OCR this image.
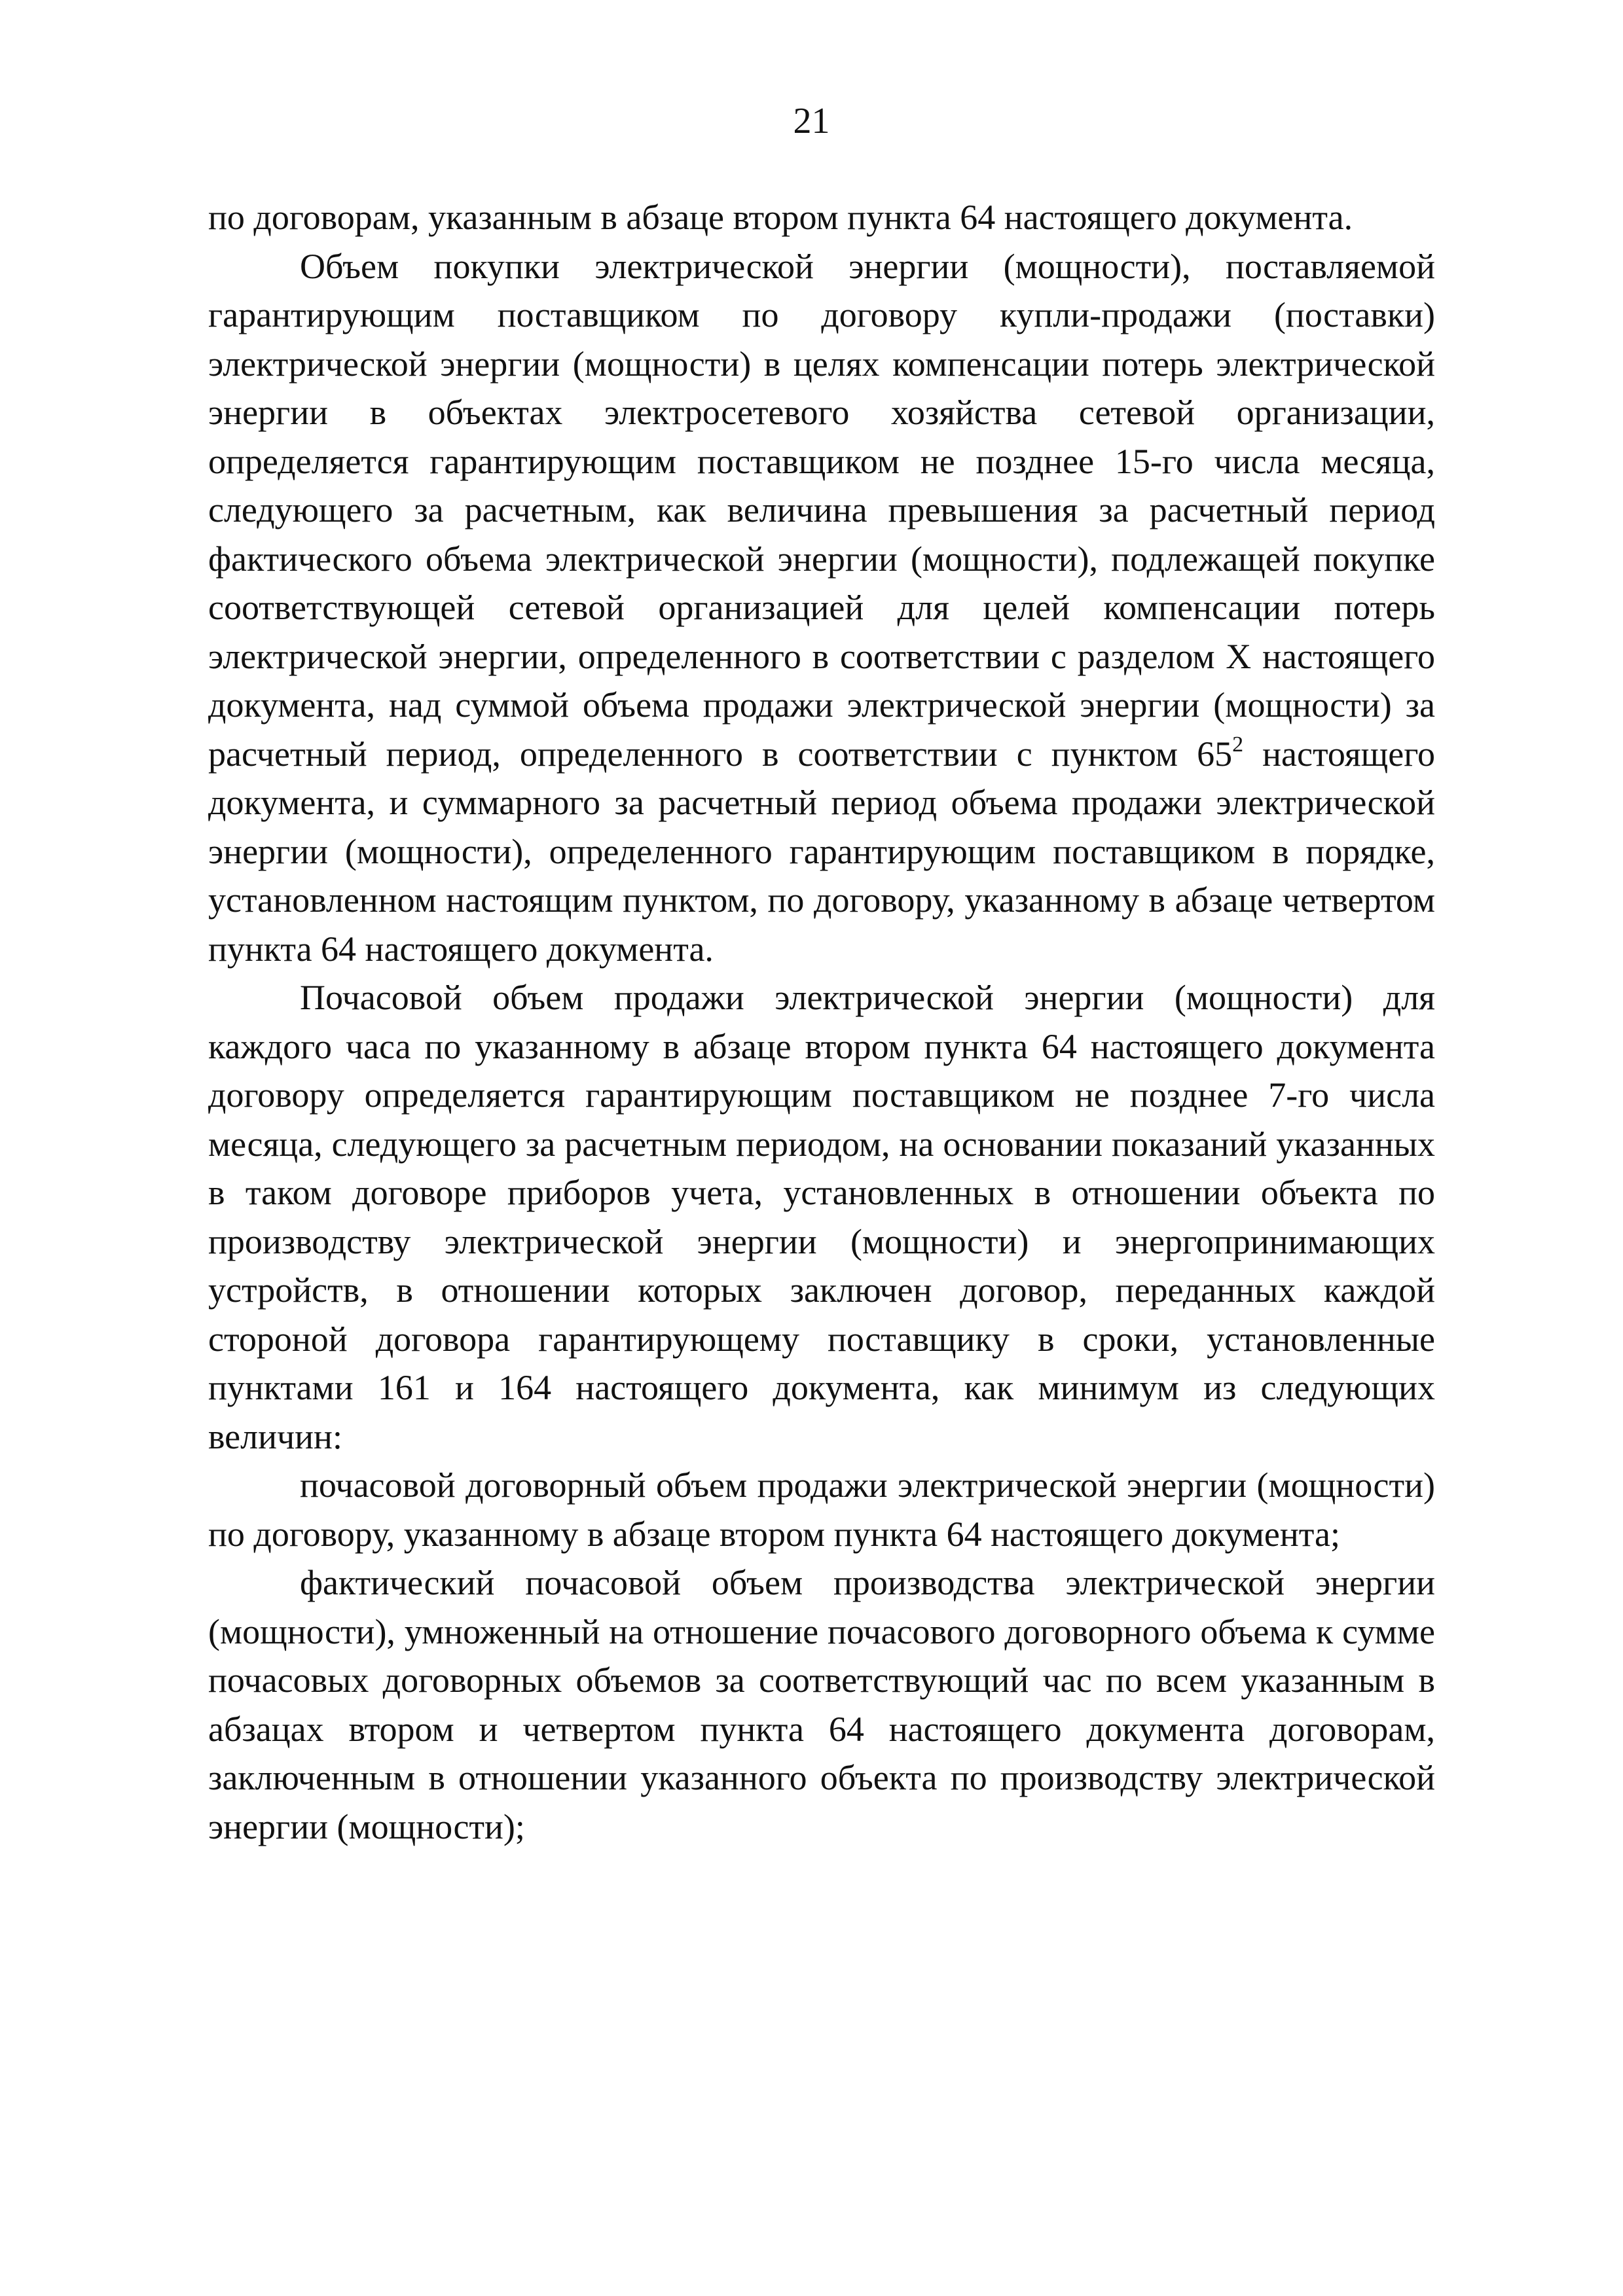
21

по договорам, указанным в абзаце втором пункта 64 настоящего документа.

Объем покупки электрической энергии (мощности), поставляемой гарантирующим поставщиком по договору купли-продажи (поставки) электрической энергии (мощности) в целях компенсации потерь электрической энергии в объектах электросетевого хозяйства сетевой организации, определяется гарантирующим поставщиком не позднее 15-го числа месяца, следующего за расчетным, как величина превышения за расчетный период фактического объема электрической энергии (мощности), подлежащей покупке соответствующей сетевой организацией для целей компенсации потерь электрической энергии, определенного в соответствии с разделом X настоящего документа, над суммой объема продажи электрической энергии (мощности) за расчетный период, определенного в соответствии с пунктом $65^2$ настоящего документа, и суммарного за расчетный период объема продажи электрической энергии (мощности), определенного гарантирующим поставщиком в порядке, установленном настоящим пунктом, по договору, указанному в абзаце четвертом пункта 64 настоящего документа.

Почасовой объем продажи электрической энергии (мощности) для каждого часа по указанному в абзаце втором пункта 64 настоящего документа договору определяется гарантирующим поставщиком не позднее 7-го числа месяца, следующего за расчетным периодом, на основании показаний указанных в таком договоре приборов учета, установленных в отношении объекта по производству электрической энергии (мощности) и энергопринимающих устройств, в отношении которых заключен договор, переданных каждой стороной договора гарантирующему поставщику в сроки, установленные пунктами 161 и 164 настоящего документа, как минимум из следующих величин:

почасовой договорный объем продажи электрической энергии (мощности) по договору, указанному в абзаце втором пункта 64 настоящего документа;

фактический почасовой объем производства электрической энергии (мощности), умноженный на отношение почасового договорного объема к сумме почасовых договорных объемов за соответствующий час по всем указанным в абзацах втором и четвертом пункта 64 настоящего документа договорам, заключенным в отношении указанного объекта по производству электрической энергии (мощности);
